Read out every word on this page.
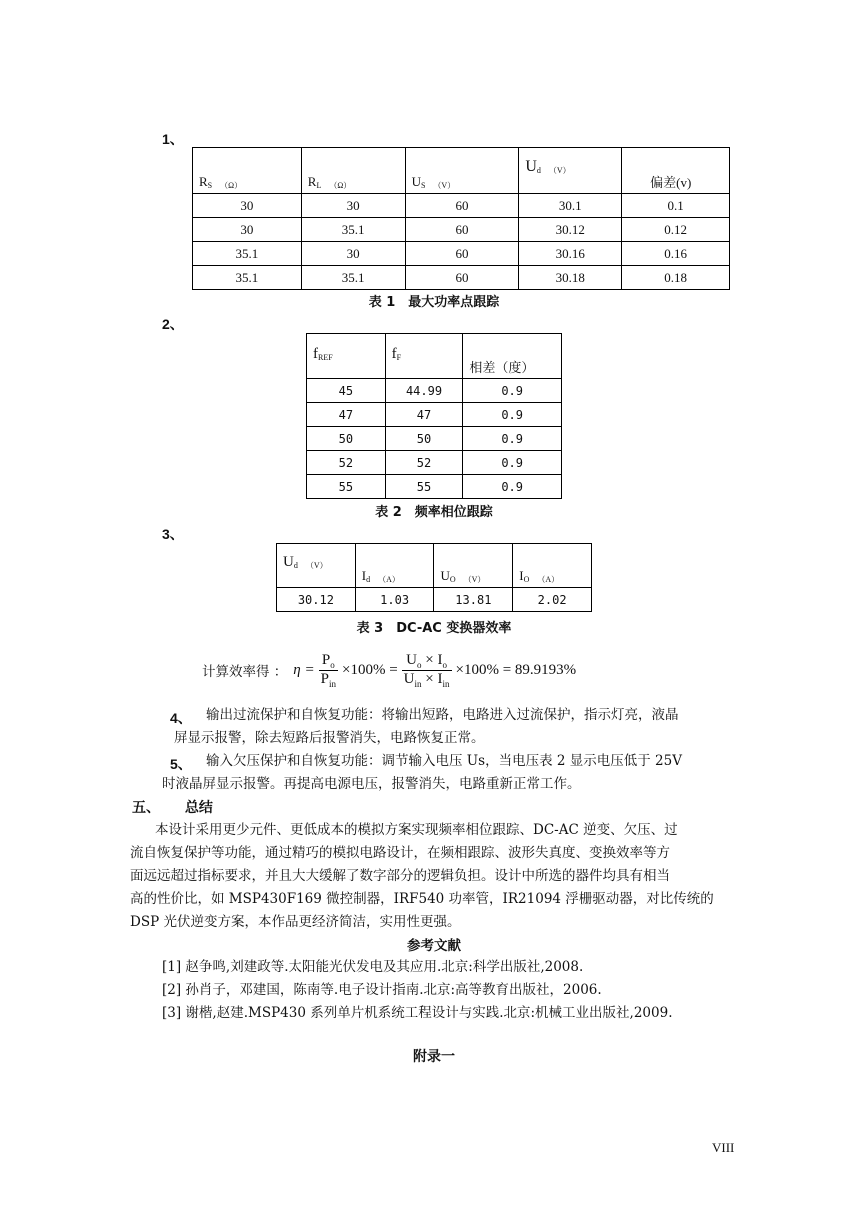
1、
$R_S$ （Ω）	$R_L$ （Ω）	$U_S$ （V）	$U_d$ （V）	偏差(v)
30	30	60	30.1	0.1
30	35.1	60	30.12	0.12
35.1	30	60	30.16	0.16
35.1	35.1	60	30.18	0.18
表 1　最大功率点跟踪
2、
$f_{REF}$	$f_F$	相差（度）
45	44.99	0.9
47	47	0.9
50	50	0.9
52	52	0.9
55	55	0.9
表 2　频率相位跟踪
3、
$U_d$ （V）	$I_d$ （A）	$U_O$ （V）	$I_O$ （A）
30.12	1.03	13.81	2.02
表 3　DC-AC 变换器效率
计算效率得 ： $\eta = \frac{P_o}{P_{in}} \times 100\% = \frac{U_o \times I_o}{U_{in} \times I_{in}} \times 100\% = 89.9193\%$
4、 输出过流保护和自恢复功能：将输出短路，电路进入过流保护，指示灯亮，液晶
屏显示报警，除去短路后报警消失，电路恢复正常。
5、 输入欠压保护和自恢复功能：调节输入电压 Us，当电压表 2 显示电压低于 25V
时液晶屏显示报警。再提高电源电压，报警消失，电路重新正常工作。
五、 总结
本设计采用更少元件、更低成本的模拟方案实现频率相位跟踪、DC-AC 逆变、欠压、过
流自恢复保护等功能，通过精巧的模拟电路设计，在频相跟踪、波形失真度、变换效率等方
面远远超过指标要求，并且大大缓解了数字部分的逻辑负担。设计中所选的器件均具有相当
高的性价比，如 MSP430F169 微控制器，IRF540 功率管，IR21094 浮栅驱动器，对比传统的
DSP 光伏逆变方案，本作品更经济简洁，实用性更强。
参考文献
[1] 赵争鸣,刘建政等.太阳能光伏发电及其应用.北京:科学出版社,2008.
[2] 孙肖子，邓建国，陈南等.电子设计指南.北京:高等教育出版社，2006.
[3] 谢楷,赵建.MSP430 系列单片机系统工程设计与实践.北京:机械工业出版社,2009.
附录一
VIII
